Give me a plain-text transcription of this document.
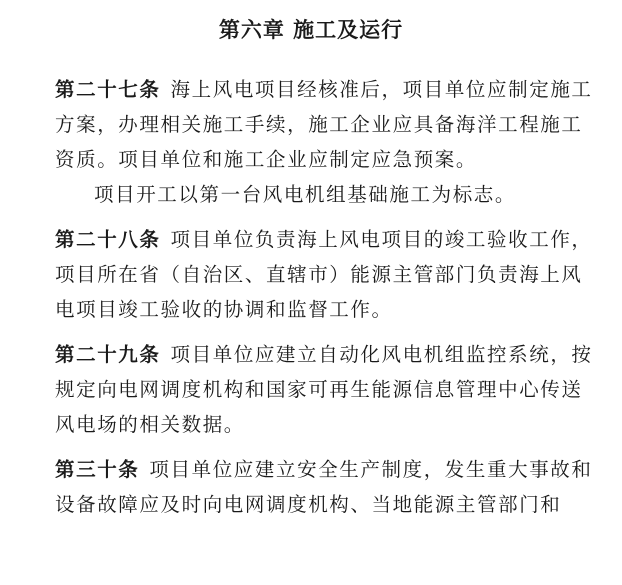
第六章 施工及运行

第二十七条 海上风电项目经核准后，项目单位应制定施工方案，办理相关施工手续，施工企业应具备海洋工程施工资质。项目单位和施工企业应制定应急预案。

项目开工以第一台风电机组基础施工为标志。

第二十八条 项目单位负责海上风电项目的竣工验收工作，项目所在省（自治区、直辖市）能源主管部门负责海上风电项目竣工验收的协调和监督工作。

第二十九条 项目单位应建立自动化风电机组监控系统，按规定向电网调度机构和国家可再生能源信息管理中心传送风电场的相关数据。

第三十条 项目单位应建立安全生产制度，发生重大事故和设备故障应及时向电网调度机构、当地能源主管部门和
